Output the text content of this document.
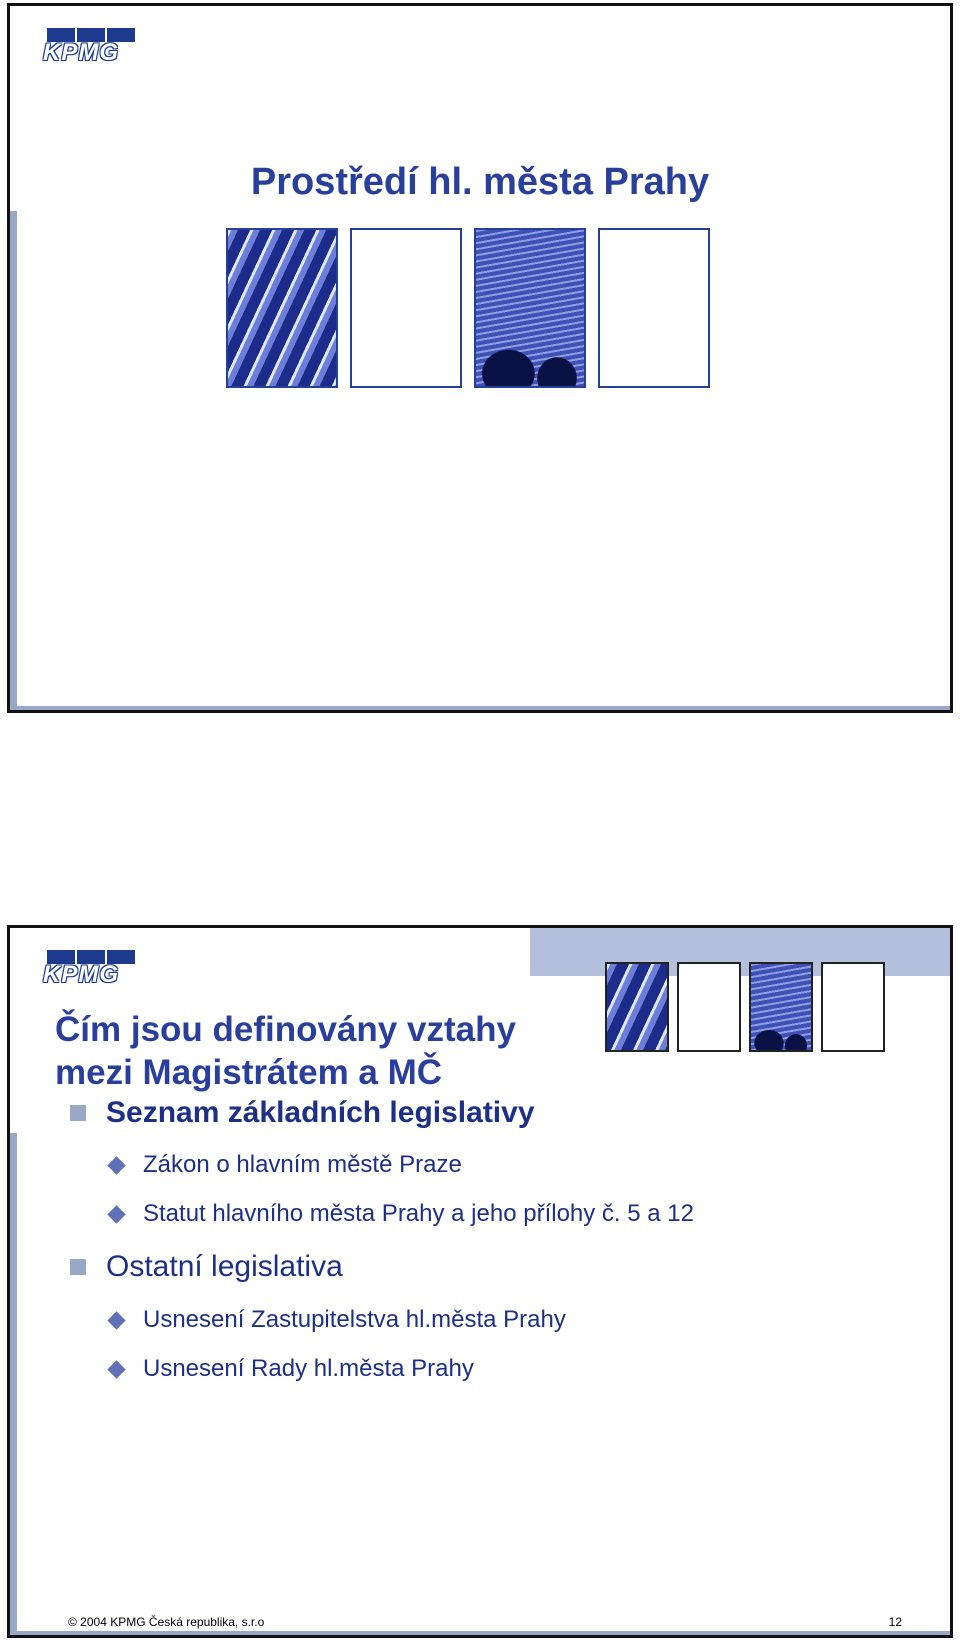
KPMG
Prostředí hl. města Prahy
KPMG
Čím jsou definovány vztahy
mezi Magistrátem a MČ
Seznam základních legislativy
Zákon o hlavním městě Praze
Statut hlavního města Prahy a jeho přílohy č. 5 a 12
Ostatní legislativa
Usnesení Zastupitelstva hl.města Prahy
Usnesení Rady hl.města Prahy
© 2004 KPMG Česká republika, s.r.o	12
